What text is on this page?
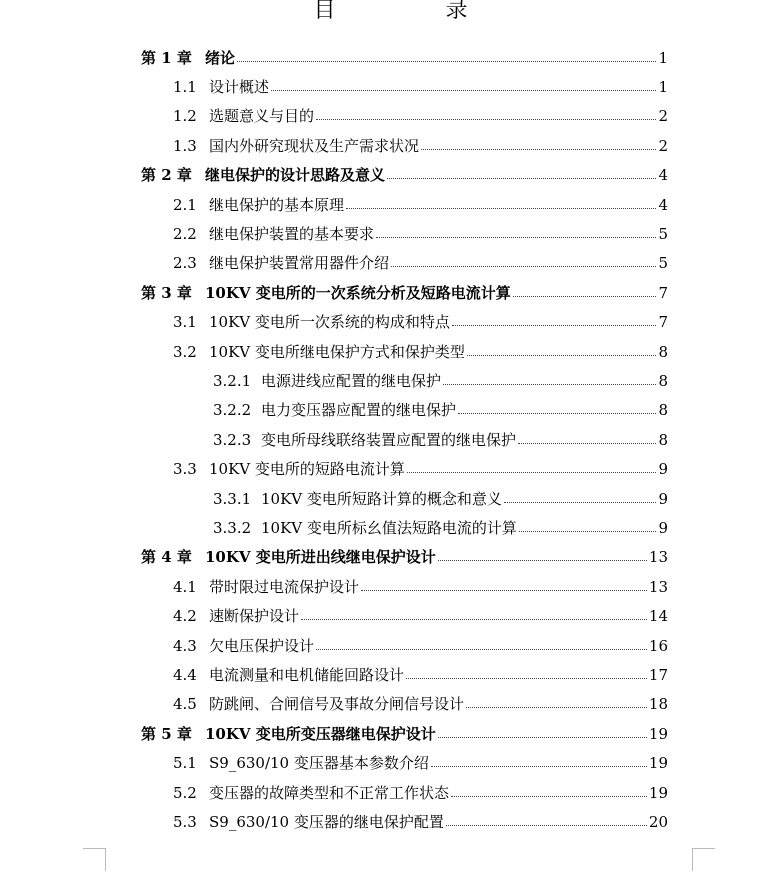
目　录
第 1 章 绪论	1
1.1 设计概述	1
1.2 选题意义与目的	2
1.3 国内外研究现状及生产需求状况	2
第 2 章 继电保护的设计思路及意义	4
2.1 继电保护的基本原理	4
2.2 继电保护装置的基本要求	5
2.3 继电保护装置常用器件介绍	5
第 3 章 10KV 变电所的一次系统分析及短路电流计算	7
3.1 10KV 变电所一次系统的构成和特点	7
3.2 10KV 变电所继电保护方式和保护类型	8
3.2.1 电源进线应配置的继电保护	8
3.2.2 电力变压器应配置的继电保护	8
3.2.3 变电所母线联络装置应配置的继电保护	8
3.3 10KV 变电所的短路电流计算	9
3.3.1 10KV 变电所短路计算的概念和意义	9
3.3.2 10KV 变电所标幺值法短路电流的计算	9
第 4 章 10KV 变电所进出线继电保护设计	13
4.1 带时限过电流保护设计	13
4.2 速断保护设计	14
4.3 欠电压保护设计	16
4.4 电流测量和电机储能回路设计	17
4.5 防跳闸、合闸信号及事故分闸信号设计	18
第 5 章 10KV 变电所变压器继电保护设计	19
5.1 S9_630/10 变压器基本参数介绍	19
5.2 变压器的故障类型和不正常工作状态	19
5.3 S9_630/10 变压器的继电保护配置	20
